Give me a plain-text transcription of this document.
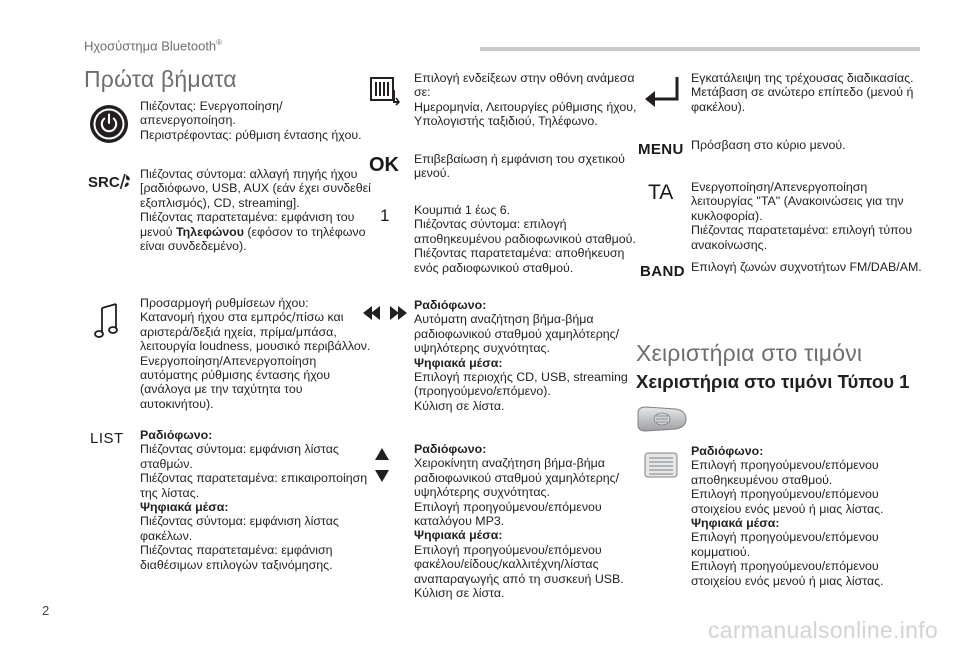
Ηχοσύστημα Bluetooth®
Πρώτα βήματα
Πιέζοντας: Ενεργοποίηση/
απενεργοποίηση.
Περιστρέφοντας: ρύθμιση έντασης ήχου.
SRC Πιέζοντας σύντομα: αλλαγή πηγής ήχου
[ραδιόφωνο, USB, AUX (εάν έχει συνδεθεί
εξοπλισμός), CD, streaming].
Πιέζοντας παρατεταμένα: εμφάνιση του
μενού Τηλεφώνου (εφόσον το τηλέφωνο
είναι συνδεδεμένο).
Προσαρμογή ρυθμίσεων ήχου:
Κατανομή ήχου στα εμπρός/πίσω και
αριστερά/δεξιά ηχεία, πρίμα/μπάσα,
λειτουργία loudness, μουσικό περιβάλλον.
Ενεργοποίηση/Απενεργοποίηση
αυτόματης ρύθμισης έντασης ήχου
(ανάλογα με την ταχύτητα του
αυτοκινήτου).
LIST Ραδιόφωνο:
Πιέζοντας σύντομα: εμφάνιση λίστας
σταθμών.
Πιέζοντας παρατεταμένα: επικαιροποίηση
της λίστας.
Ψηφιακά μέσα:
Πιέζοντας σύντομα: εμφάνιση λίστας
φακέλων.
Πιέζοντας παρατεταμένα: εμφάνιση
διαθέσιμων επιλογών ταξινόμησης.
Επιλογή ενδείξεων στην οθόνη ανάμεσα
σε:
Ημερομηνία, Λειτουργίες ρύθμισης ήχου,
Υπολογιστής ταξιδιού, Τηλέφωνο.
OK Επιβεβαίωση ή εμφάνιση του σχετικού
μενού.
1 Κουμπιά 1 έως 6.
Πιέζοντας σύντομα: επιλογή
αποθηκευμένου ραδιοφωνικού σταθμού.
Πιέζοντας παρατεταμένα: αποθήκευση
ενός ραδιοφωνικού σταθμού.
Ραδιόφωνο:
Αυτόματη αναζήτηση βήμα-βήμα
ραδιοφωνικού σταθμού χαμηλότερης/
υψηλότερης συχνότητας.
Ψηφιακά μέσα:
Επιλογή περιοχής CD, USB, streaming
(προηγούμενο/επόμενο).
Κύλιση σε λίστα.
Ραδιόφωνο:
Χειροκίνητη αναζήτηση βήμα-βήμα
ραδιοφωνικού σταθμού χαμηλότερης/
υψηλότερης συχνότητας.
Επιλογή προηγούμενου/επόμενου
καταλόγου MP3.
Ψηφιακά μέσα:
Επιλογή προηγούμενου/επόμενου
φακέλου/είδους/καλλιτέχνη/λίστας
αναπαραγωγής από τη συσκευή USB.
Κύλιση σε λίστα.
Εγκατάλειψη της τρέχουσας διαδικασίας.
Μετάβαση σε ανώτερο επίπεδο (μενού ή
φακέλου).
MENU Πρόσβαση στο κύριο μενού.
TA Ενεργοποίηση/Απενεργοποίηση
λειτουργίας "TA" (Ανακοινώσεις για την
κυκλοφορία).
Πιέζοντας παρατεταμένα: επιλογή τύπου
ανακοίνωσης.
BAND Επιλογή ζωνών συχνοτήτων FM/DAB/AM.
Χειριστήρια στο τιμόνι
Χειριστήρια στο τιμόνι Τύπου 1
Ραδιόφωνο:
Επιλογή προηγούμενου/επόμενου
αποθηκευμένου σταθμού.
Επιλογή προηγούμενου/επόμενου
στοιχείου ενός μενού ή μιας λίστας.
Ψηφιακά μέσα:
Επιλογή προηγούμενου/επόμενου
κομματιού.
Επιλογή προηγούμενου/επόμενου
στοιχείου ενός μενού ή μιας λίστας.
2
carmanualsonline.info
